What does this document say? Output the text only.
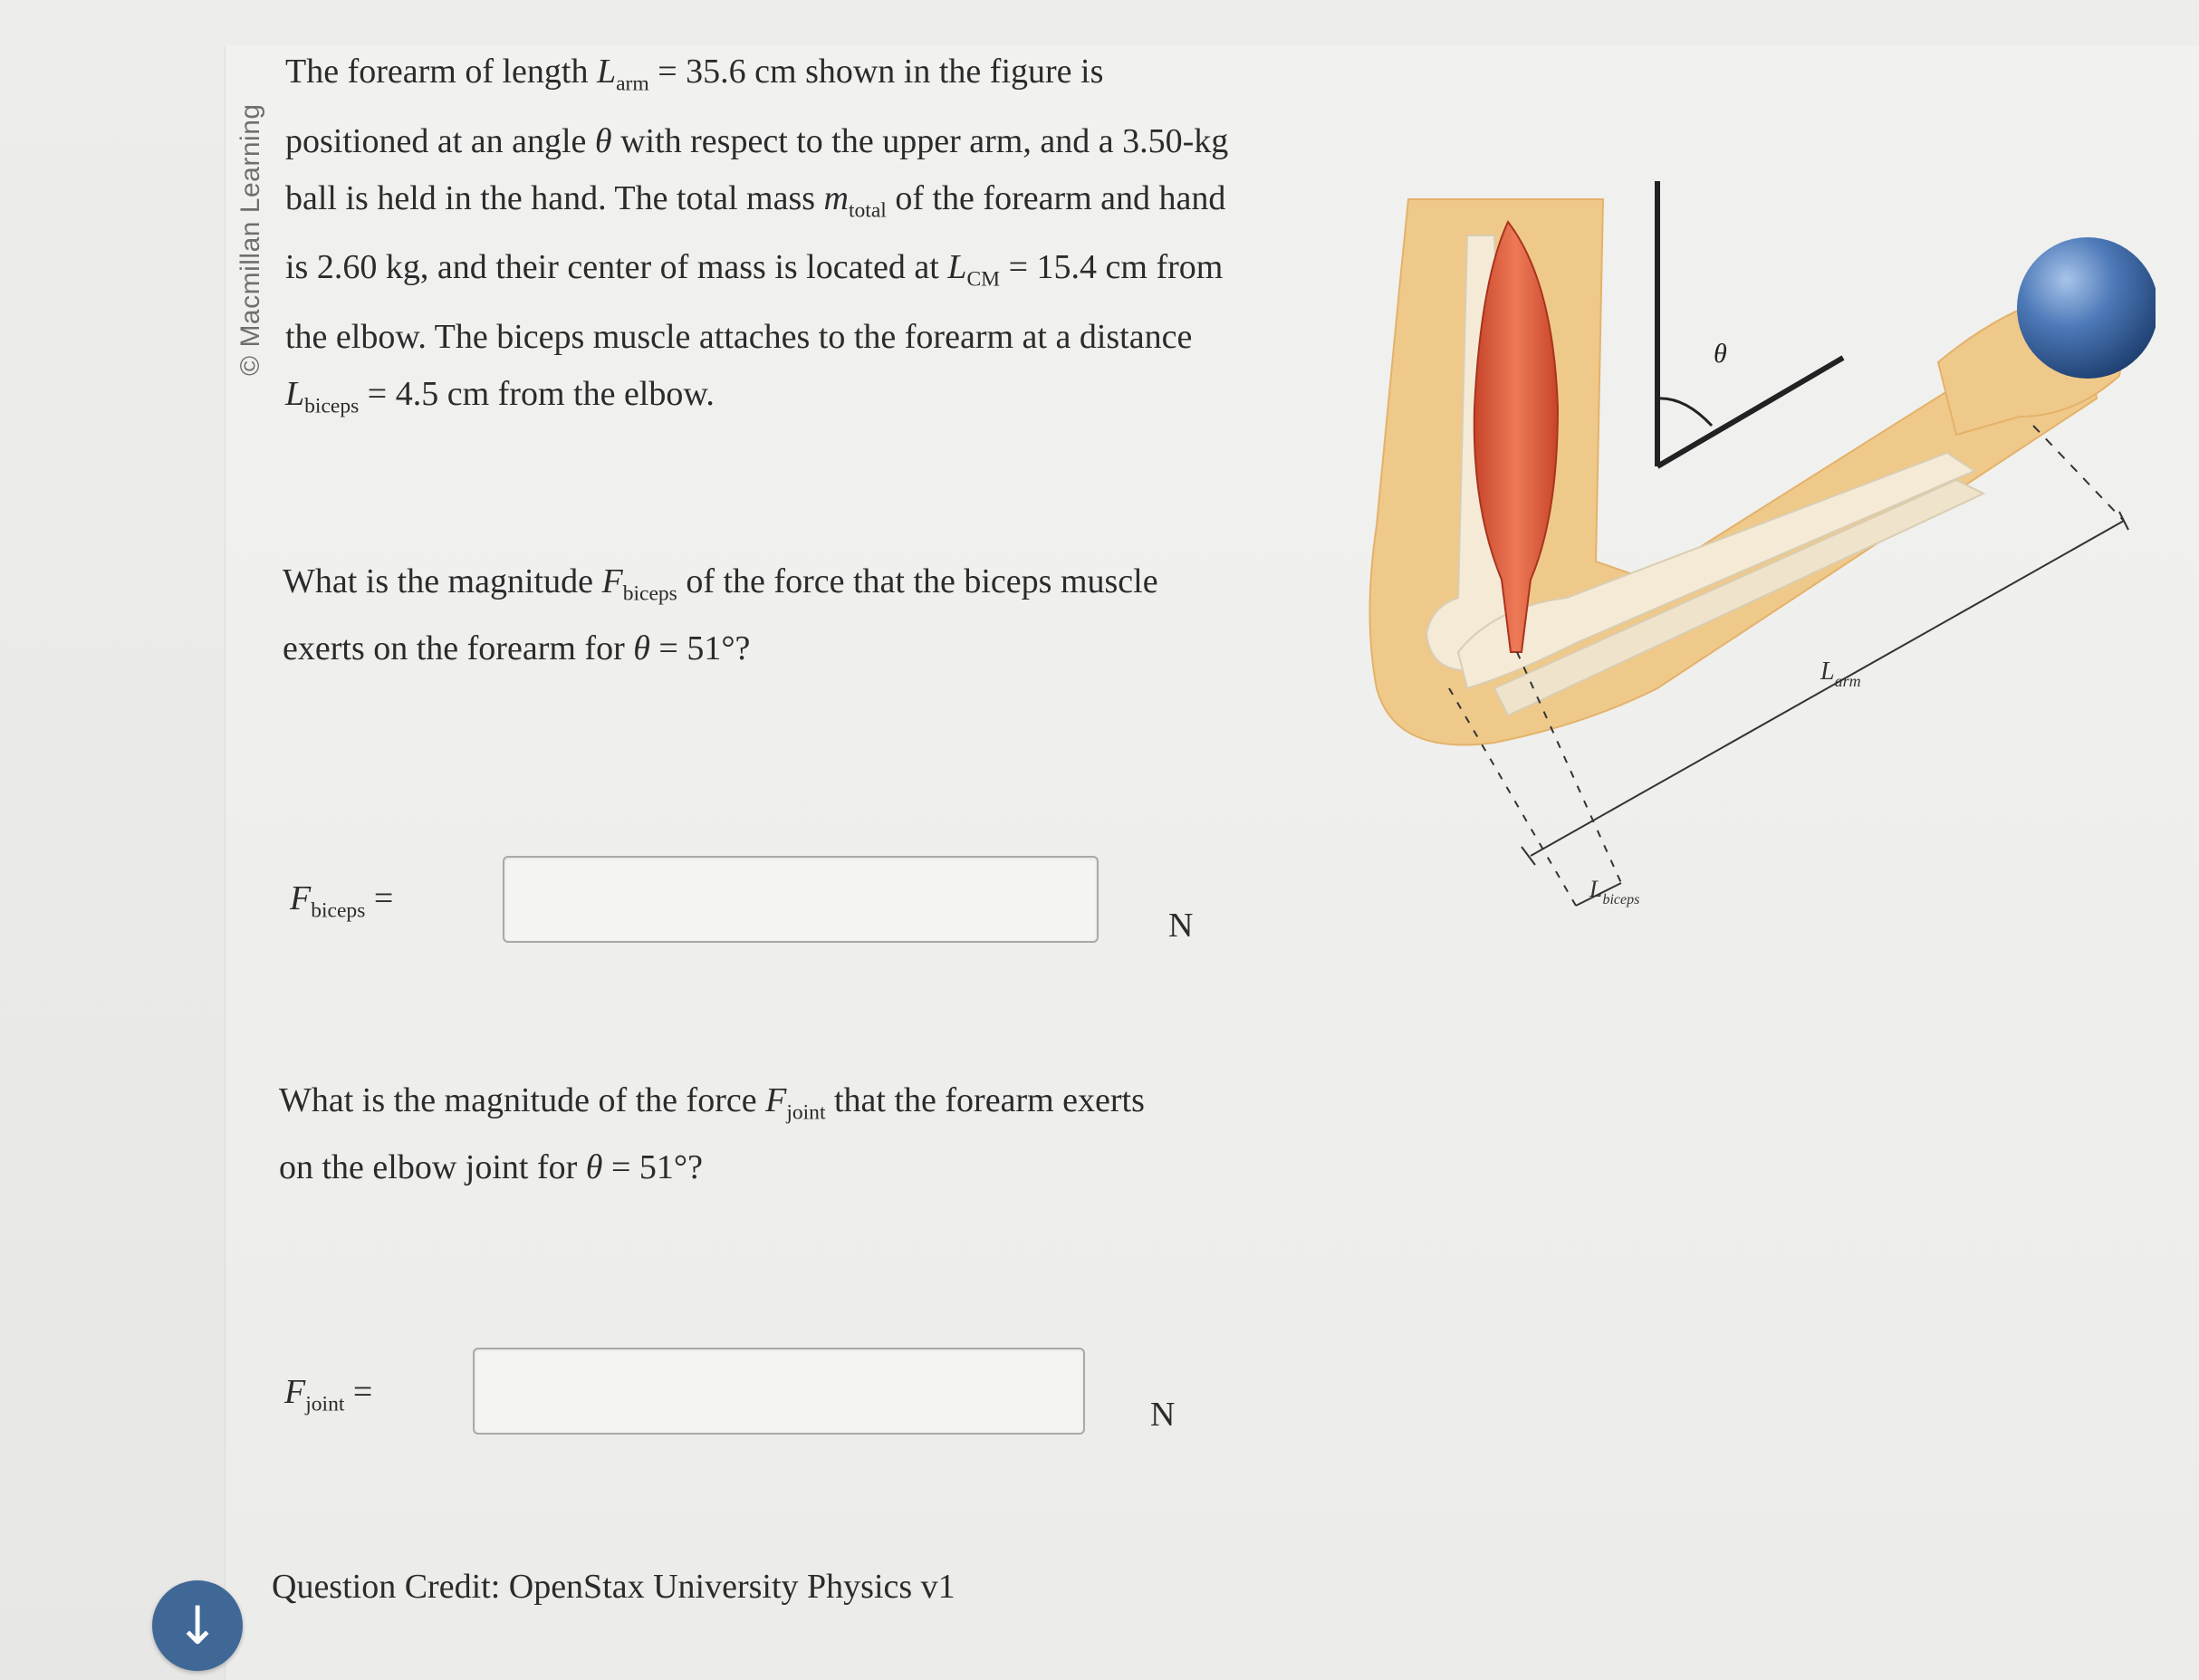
© Macmillan Learning
The forearm of length $L_{arm} = 35.6$ cm shown in the figure is positioned at an angle θ with respect to the upper arm, and a 3.50-kg ball is held in the hand. The total mass $m_{total}$ of the forearm and hand is 2.60 kg, and their center of mass is located at $L_{CM} = 15.4$ cm from the elbow. The biceps muscle attaches to the forearm at a distance $L_{biceps} = 4.5$ cm from the elbow.
What is the magnitude $F_{biceps}$ of the force that the biceps muscle exerts on the forearm for θ = 51°?
$F_{biceps}$ =
N
What is the magnitude of the force $F_{joint}$ that the forearm exerts on the elbow joint for θ = 51°?
$F_{joint}$ =
N
Question Credit: OpenStax University Physics v1
↓
θ
$L_{arm}$
$L_{biceps}$
